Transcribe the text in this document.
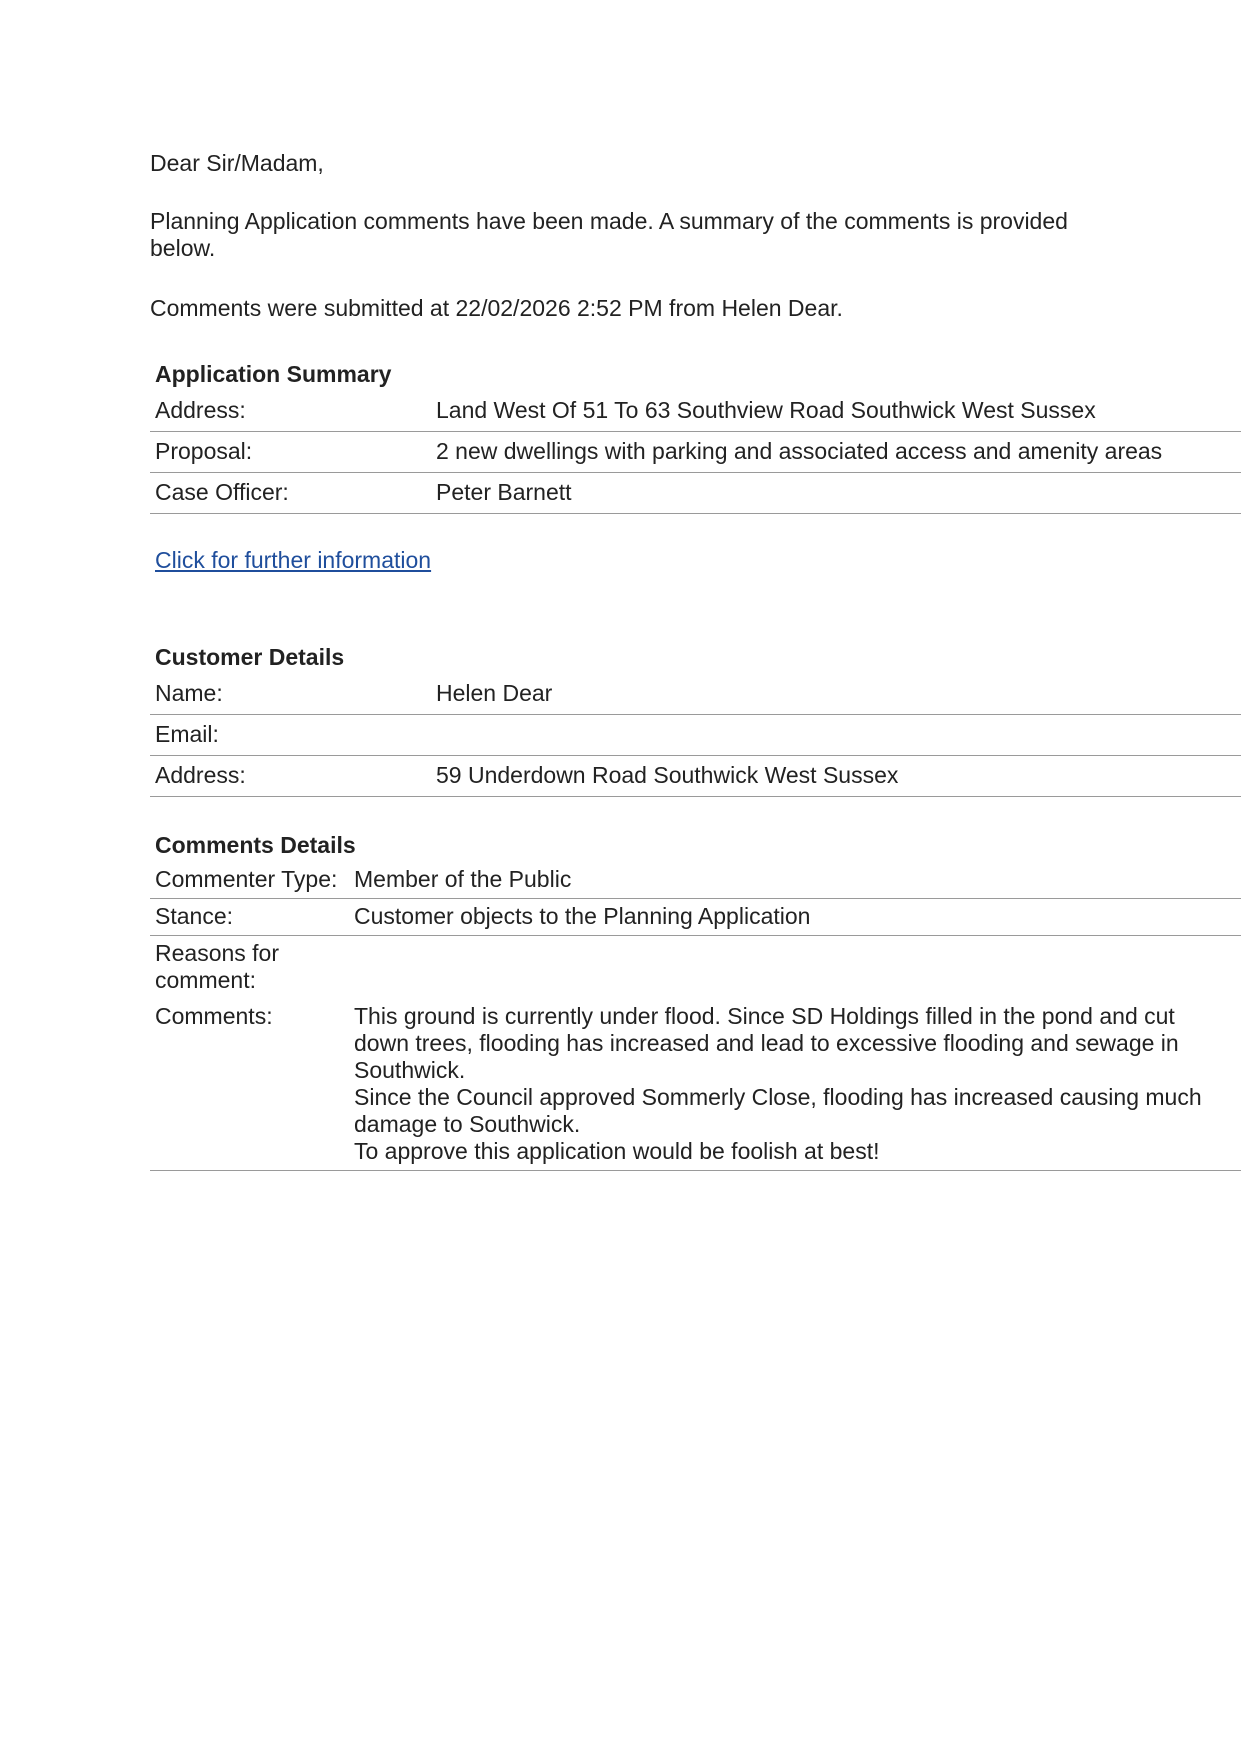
Dear Sir/Madam,

Planning Application comments have been made. A summary of the comments is provided below.

Comments were submitted at 22/02/2026 2:52 PM from Helen Dear.

Application Summary
Address:	Land West Of 51 To 63 Southview Road Southwick West Sussex
Proposal:	2 new dwellings with parking and associated access and amenity areas
Case Officer:	Peter Barnett
Click for further information
Customer Details
Name:	Helen Dear
Email:	
Address:	59 Underdown Road Southwick West Sussex
Comments Details
Commenter Type:	Member of the Public
Stance:	Customer objects to the Planning Application
Reasons for comment:	
Comments:	This ground is currently under flood. Since SD Holdings filled in the pond and cut down trees, flooding has increased and lead to excessive flooding and sewage in Southwick.
Since the Council approved Sommerly Close, flooding has increased causing much damage to Southwick.
To approve this application would be foolish at best!
